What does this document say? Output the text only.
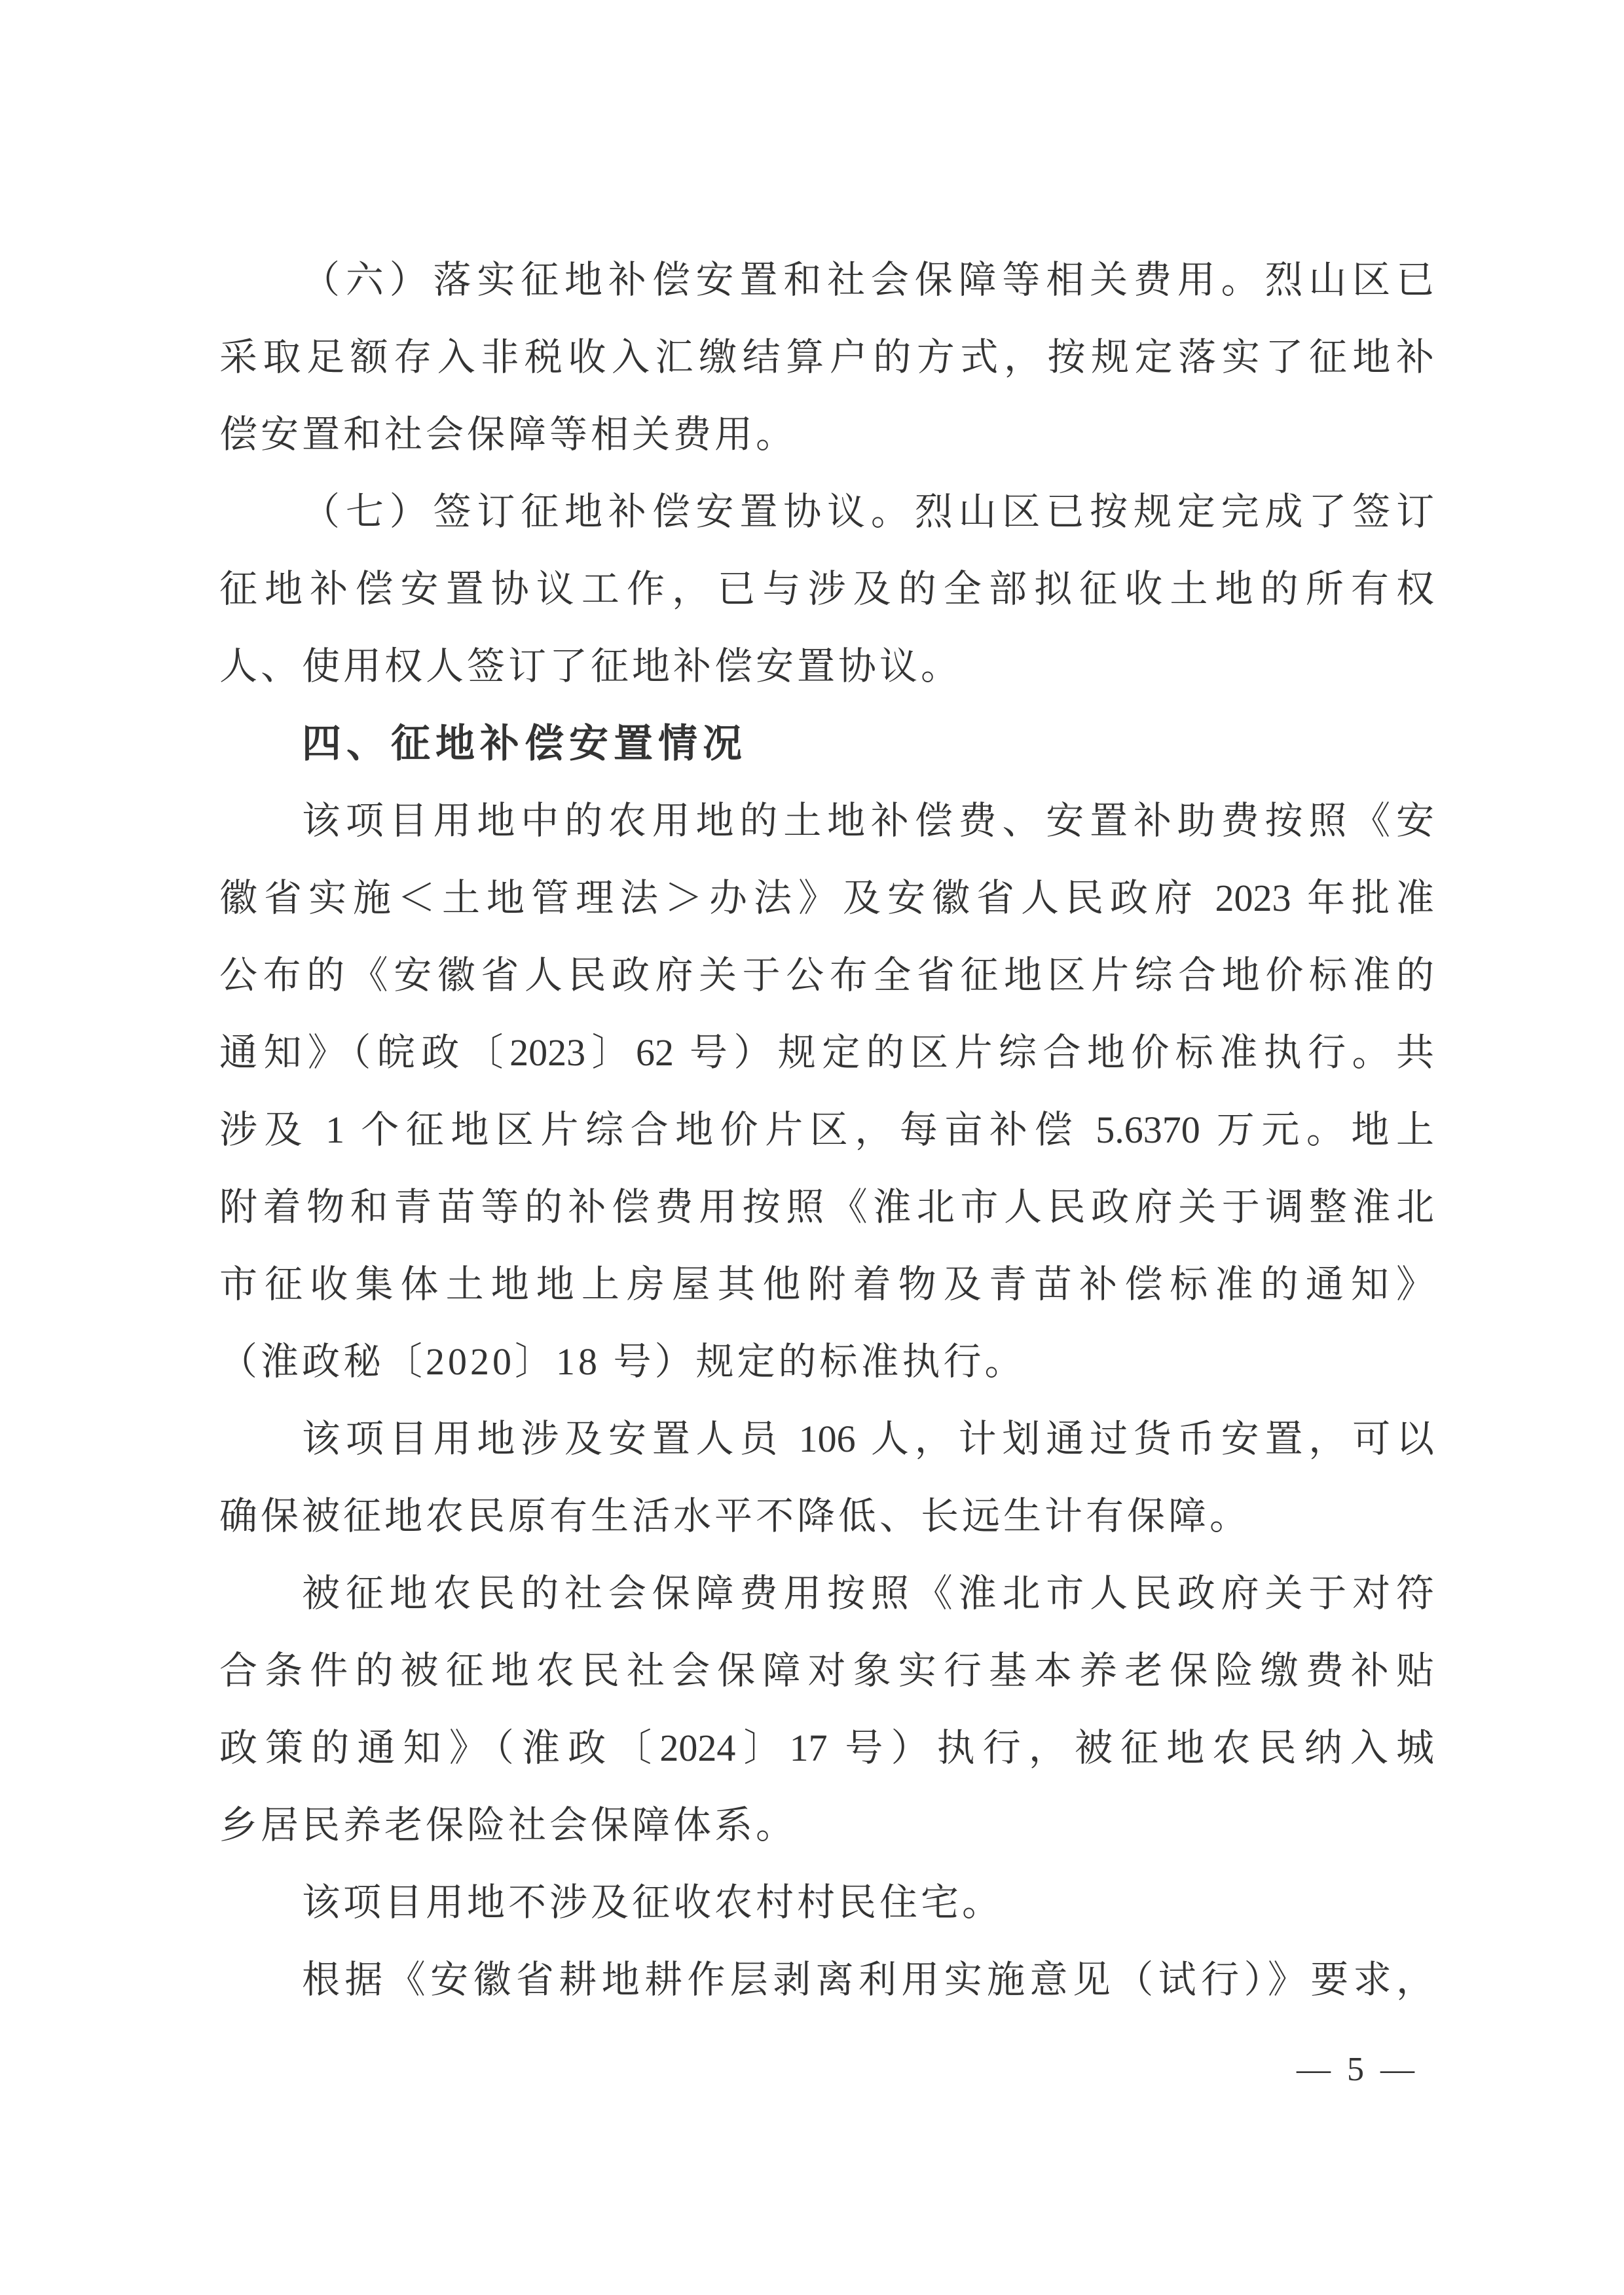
（六）落实征地补偿安置和社会保障等相关费用。烈山区已

采取足额存入非税收入汇缴结算户的方式，按规定落实了征地补

偿安置和社会保障等相关费用。

（七）签订征地补偿安置协议。烈山区已按规定完成了签订

征地补偿安置协议工作，已与涉及的全部拟征收土地的所有权

人、使用权人签订了征地补偿安置协议。

四、征地补偿安置情况

该项目用地中的农用地的土地补偿费、安置补助费按照《安

徽省实施＜土地管理法＞办法》及安徽省人民政府 2023 年批准

公布的《安徽省人民政府关于公布全省征地区片综合地价标准的

通知》（皖政〔2023〕62 号）规定的区片综合地价标准执行。共

涉及 1 个征地区片综合地价片区，每亩补偿 5.6370 万元。地上

附着物和青苗等的补偿费用按照《淮北市人民政府关于调整淮北

市征收集体土地地上房屋其他附着物及青苗补偿标准的通知》

（淮政秘〔2020〕18 号）规定的标准执行。

该项目用地涉及安置人员 106 人，计划通过货币安置，可以

确保被征地农民原有生活水平不降低、长远生计有保障。

被征地农民的社会保障费用按照《淮北市人民政府关于对符

合条件的被征地农民社会保障对象实行基本养老保险缴费补贴

政策的通知》（淮政〔2024〕17 号）执行，被征地农民纳入城

乡居民养老保险社会保障体系。

该项目用地不涉及征收农村村民住宅。

根据《安徽省耕地耕作层剥离利用实施意见（试行）》要求，

— 5 —
